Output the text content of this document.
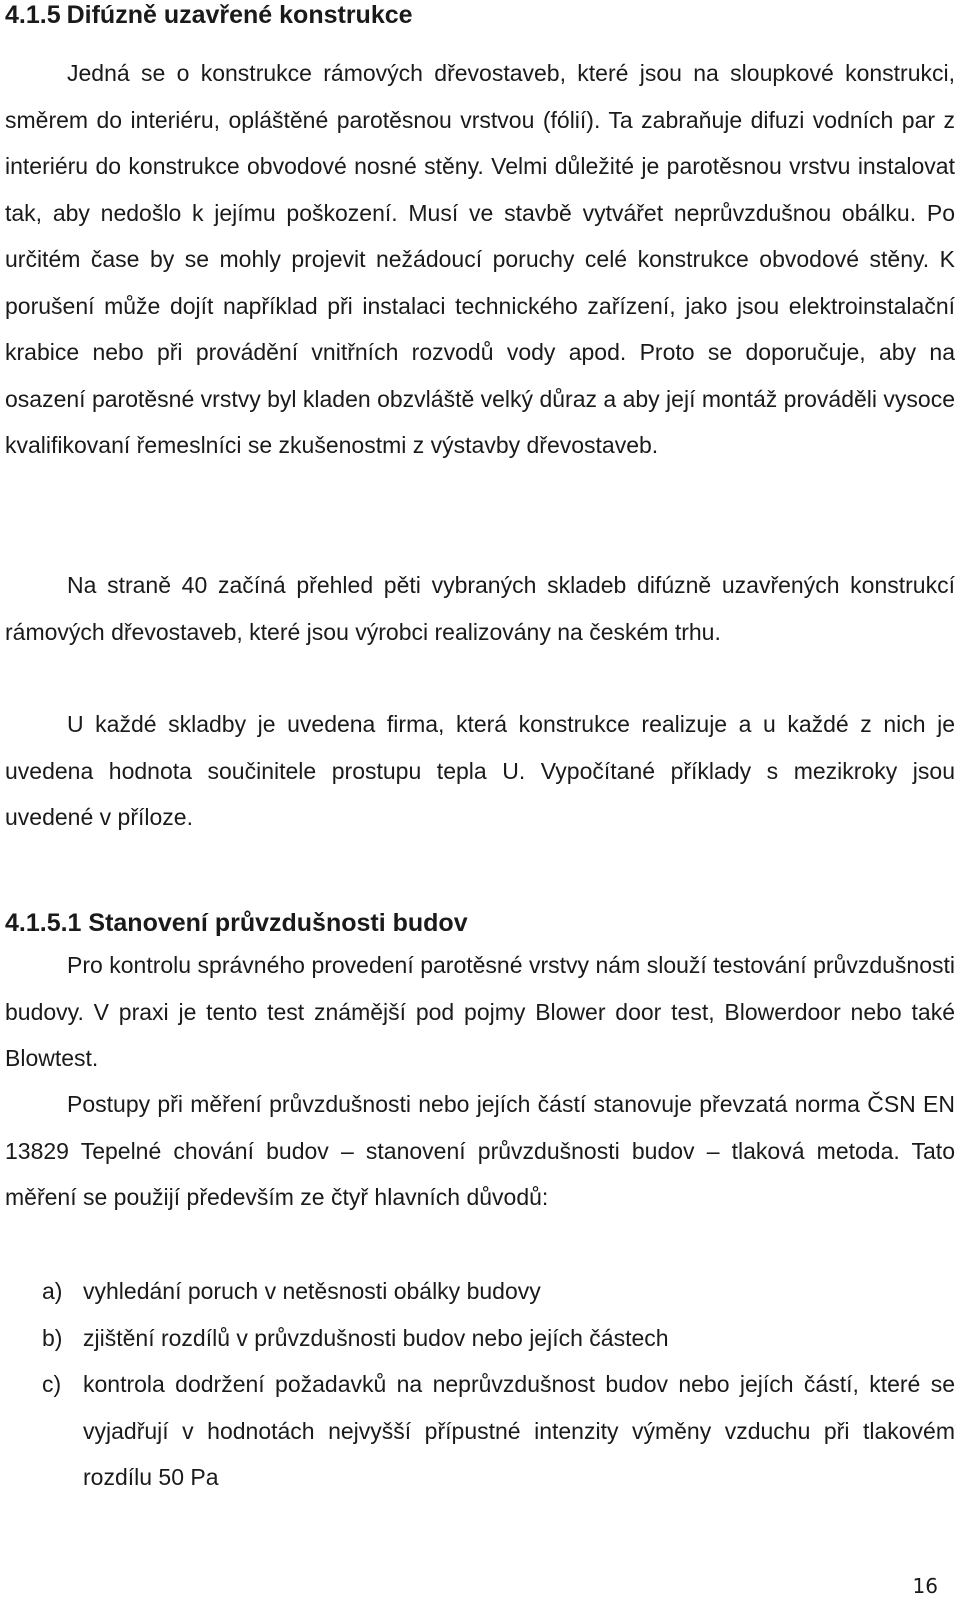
4.1.5 Difúzně uzavřené konstrukce

Jedná se o konstrukce rámových dřevostaveb, které jsou na sloupkové konstrukci, směrem do interiéru, opláštěné parotěsnou vrstvou (fólií). Ta zabraňuje difuzi vodních par z interiéru do konstrukce obvodové nosné stěny. Velmi důležité je parotěsnou vrstvu instalovat tak, aby nedošlo k jejímu poškození. Musí ve stavbě vytvářet neprůvzdušnou obálku. Po určitém čase by se mohly projevit nežádoucí poruchy celé konstrukce obvodové stěny. K porušení může dojít například při instalaci technického zařízení, jako jsou elektroinstalační krabice nebo při provádění vnitřních rozvodů vody apod. Proto se doporučuje, aby na osazení parotěsné vrstvy byl kladen obzvláště velký důraz a aby její montáž prováděli vysoce kvalifikovaní řemeslníci se zkušenostmi z výstavby dřevostaveb.

Na straně 40 začíná přehled pěti vybraných skladeb difúzně uzavřených konstrukcí rámových dřevostaveb, které jsou výrobci realizovány na českém trhu.

U každé skladby je uvedena firma, která konstrukce realizuje a u každé z nich je uvedena hodnota součinitele prostupu tepla U. Vypočítané příklady s mezikroky jsou uvedené v příloze.

4.1.5.1 Stanovení průvzdušnosti budov

Pro kontrolu správného provedení parotěsné vrstvy nám slouží testování průvzdušnosti budovy. V praxi je tento test známější pod pojmy Blower door test, Blowerdoor nebo také Blowtest.

Postupy při měření průvzdušnosti nebo jejích částí stanovuje převzatá norma ČSN EN 13829 Tepelné chování budov – stanovení průvzdušnosti budov – tlaková metoda. Tato měření se použijí především ze čtyř hlavních důvodů:

a) vyhledání poruch v netěsnosti obálky budovy
b) zjištění rozdílů v průvzdušnosti budov nebo jejích částech
c) kontrola dodržení požadavků na neprůvzdušnost budov nebo jejích částí, které se vyjadřují v hodnotách nejvyšší přípustné intenzity výměny vzduchu při tlakovém rozdílu 50 Pa
16
